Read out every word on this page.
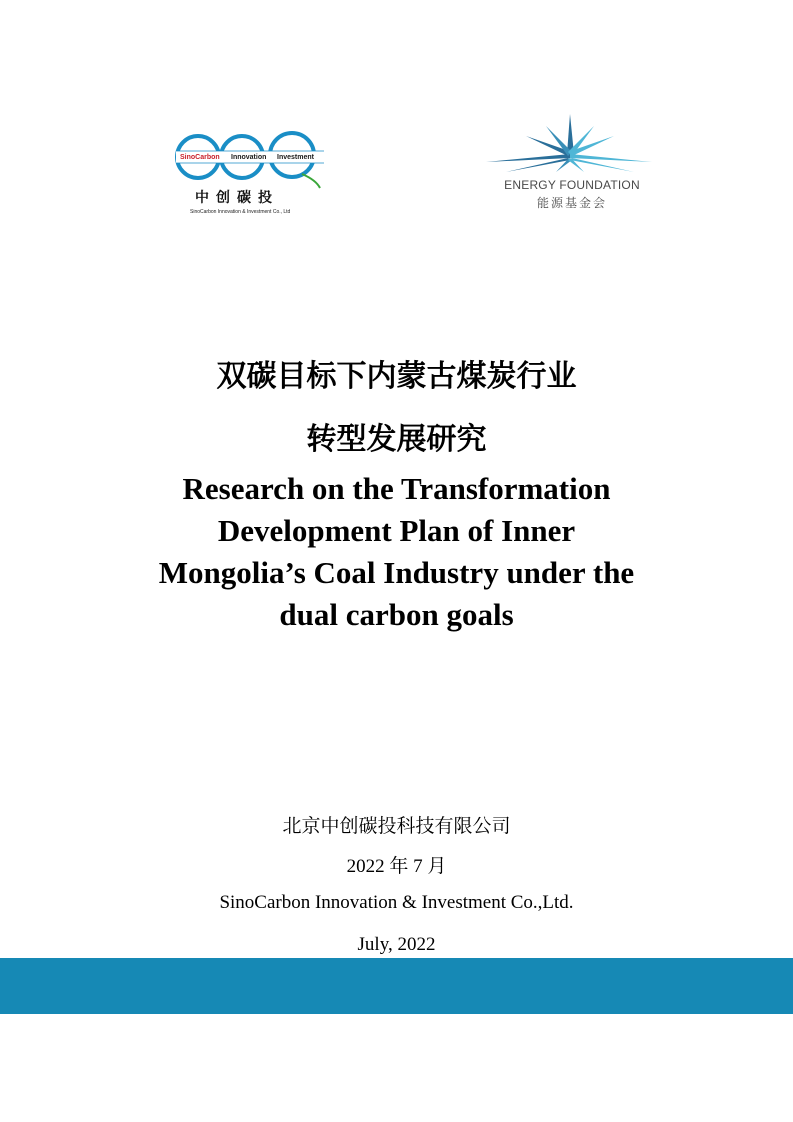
SinoCarbon Innovation Investment
中创碳投
SinoCarbon Innovation & Investment Co., Ltd
ENERGY FOUNDATION
能源基金会
双碳目标下内蒙古煤炭行业
转型发展研究
Research on the Transformation
Development Plan of Inner
Mongolia’s Coal Industry under the
dual carbon goals
北京中创碳投科技有限公司
2022 年 7 月
SinoCarbon Innovation & Investment Co.,Ltd.
July, 2022
